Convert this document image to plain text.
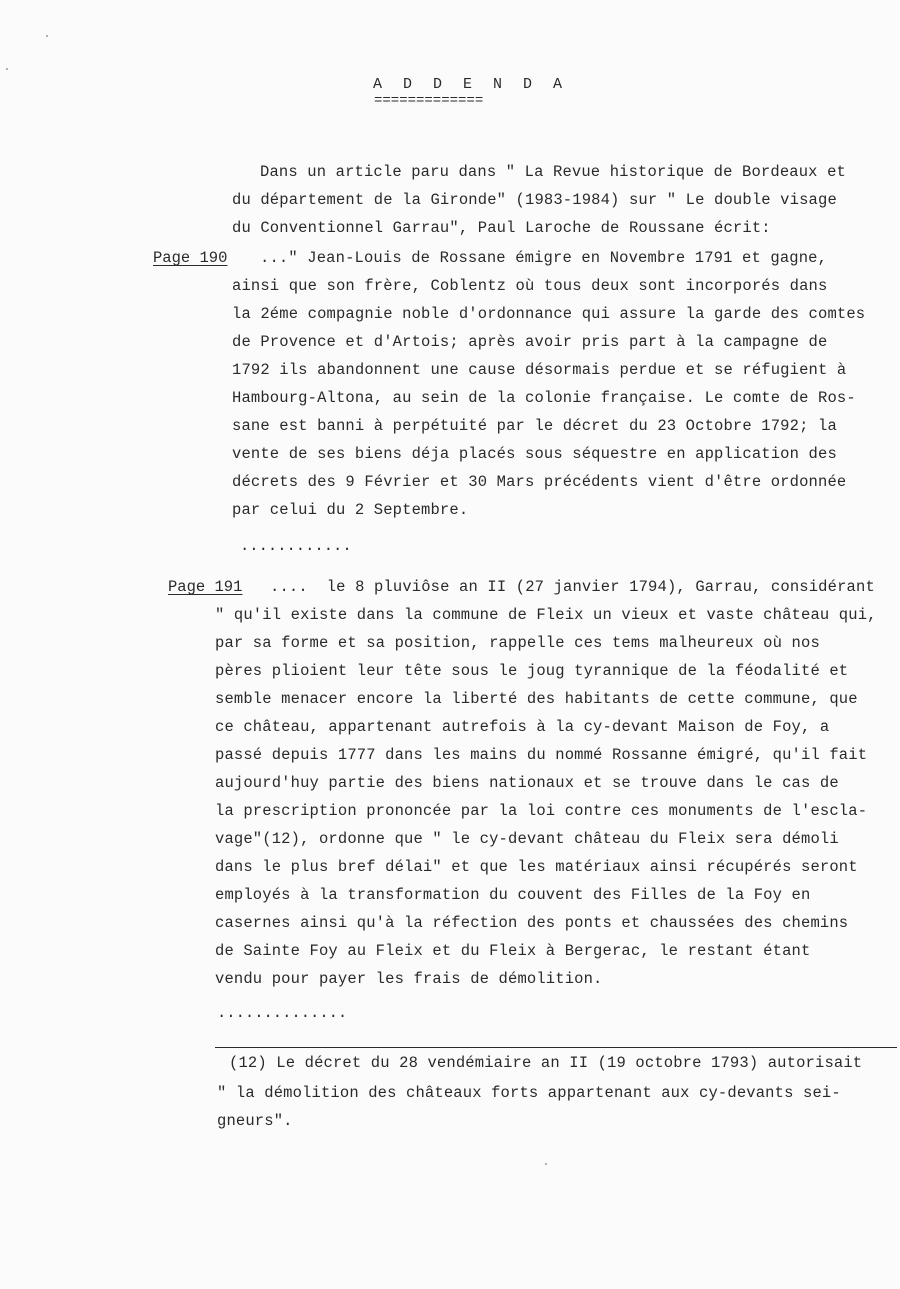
A D D E N D A
=============
Dans un article paru dans " La Revue historique de Bordeaux et
du département de la Gironde" (1983-1984) sur " Le double visage
du Conventionnel Garrau", Paul Laroche de Roussane écrit:
Page 190 ..." Jean-Louis de Rossane émigre en Novembre 1791 et gagne,
ainsi que son frère, Coblentz où tous deux sont incorporés dans
la 2éme compagnie noble d'ordonnance qui assure la garde des comtes
de Provence et d'Artois; après avoir pris part à la campagne de
1792 ils abandonnent une cause désormais perdue et se réfugient à
Hambourg-Altona, au sein de la colonie française. Le comte de Ros-
sane est banni à perpétuité par le décret du 23 Octobre 1792; la
vente de ses biens déja placés sous séquestre en application des
décrets des 9 Février et 30 Mars précédents vient d'être ordonnée
par celui du 2 Septembre.
............
Page 191 ....  le 8 pluviôse an II (27 janvier 1794), Garrau, considérant
" qu'il existe dans la commune de Fleix un vieux et vaste château qui,
par sa forme et sa position, rappelle ces tems malheureux où nos
pères plioient leur tête sous le joug tyrannique de la féodalité et
semble menacer encore la liberté des habitants de cette commune, que
ce château, appartenant autrefois à la cy-devant Maison de Foy, a
passé depuis 1777 dans les mains du nommé Rossanne émigré, qu'il fait
aujourd'huy partie des biens nationaux et se trouve dans le cas de
la prescription prononcée par la loi contre ces monuments de l'escla-
vage"(12), ordonne que " le cy-devant château du Fleix sera démoli
dans le plus bref délai" et que les matériaux ainsi récupérés seront
employés à la transformation du couvent des Filles de la Foy en
casernes ainsi qu'à la réfection des ponts et chaussées des chemins
de Sainte Foy au Fleix et du Fleix à Bergerac, le restant étant
vendu pour payer les frais de démolition.
..............
(12) Le décret du 28 vendémiaire an II (19 octobre 1793) autorisait
" la démolition des châteaux forts appartenant aux cy-devants sei-
gneurs".
